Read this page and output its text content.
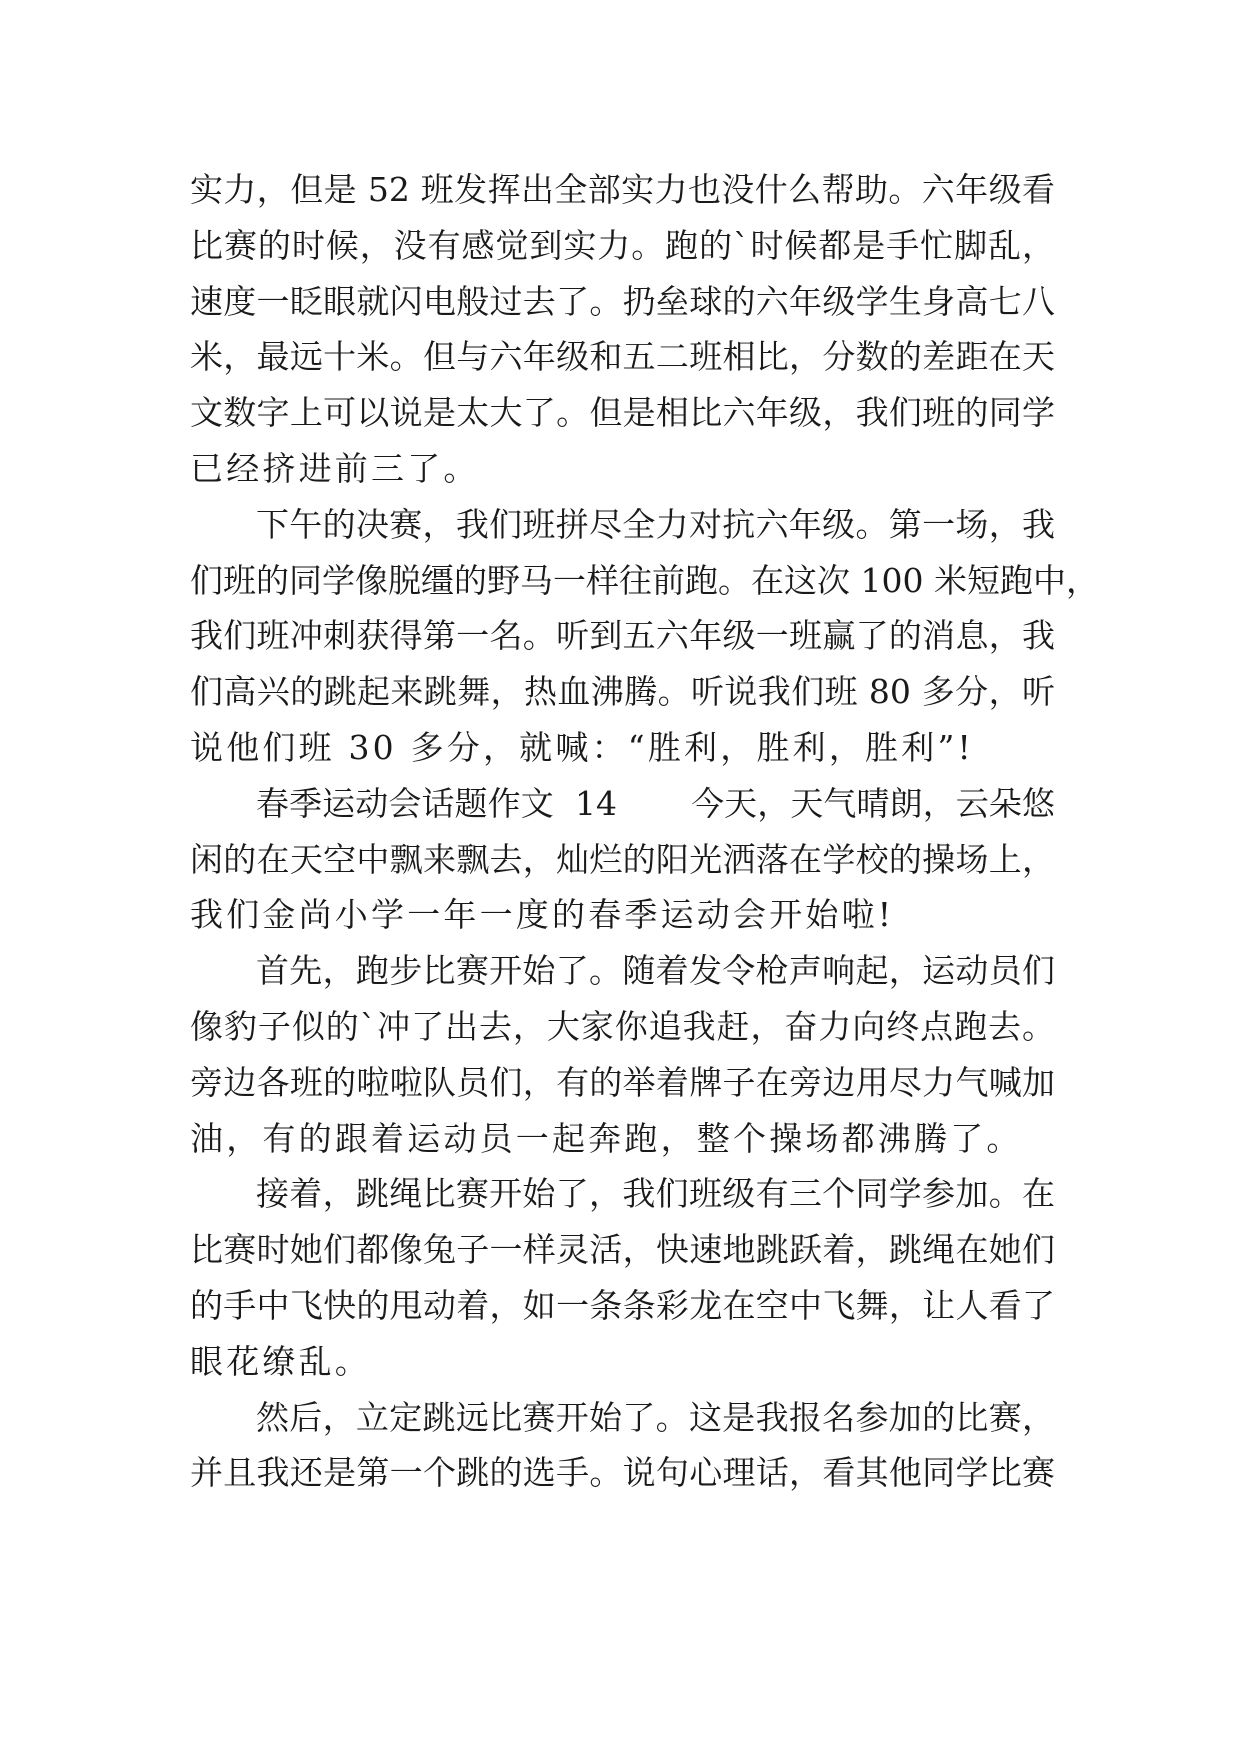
实力，但是 52 班发挥出全部实力也没什么帮助。六年级看
比赛的时候，没有感觉到实力。跑的`时候都是手忙脚乱，
速度一眨眼就闪电般过去了。扔垒球的六年级学生身高七八
米，最远十米。但与六年级和五二班相比，分数的差距在天
文数字上可以说是太大了。但是相比六年级，我们班的同学
已经挤进前三了。
下午的决赛，我们班拼尽全力对抗六年级。第一场，我
们班的同学像脱缰的野马一样往前跑。在这次 100 米短跑中，
我们班冲刺获得第一名。听到五六年级一班赢了的消息，我
们高兴的跳起来跳舞，热血沸腾。听说我们班 80 多分，听
说他们班 30 多分，就喊：“胜利，胜利，胜利”!
春季运动会话题作文  14       今天，天气晴朗，云朵悠
闲的在天空中飘来飘去，灿烂的阳光洒落在学校的操场上，
我们金尚小学一年一度的春季运动会开始啦!
首先，跑步比赛开始了。随着发令枪声响起，运动员们
像豹子似的`冲了出去，大家你追我赶，奋力向终点跑去。
旁边各班的啦啦队员们，有的举着牌子在旁边用尽力气喊加
油，有的跟着运动员一起奔跑，整个操场都沸腾了。
接着，跳绳比赛开始了，我们班级有三个同学参加。在
比赛时她们都像兔子一样灵活，快速地跳跃着，跳绳在她们
的手中飞快的甩动着，如一条条彩龙在空中飞舞，让人看了
眼花缭乱。
然后，立定跳远比赛开始了。这是我报名参加的比赛，
并且我还是第一个跳的选手。说句心理话，看其他同学比赛
